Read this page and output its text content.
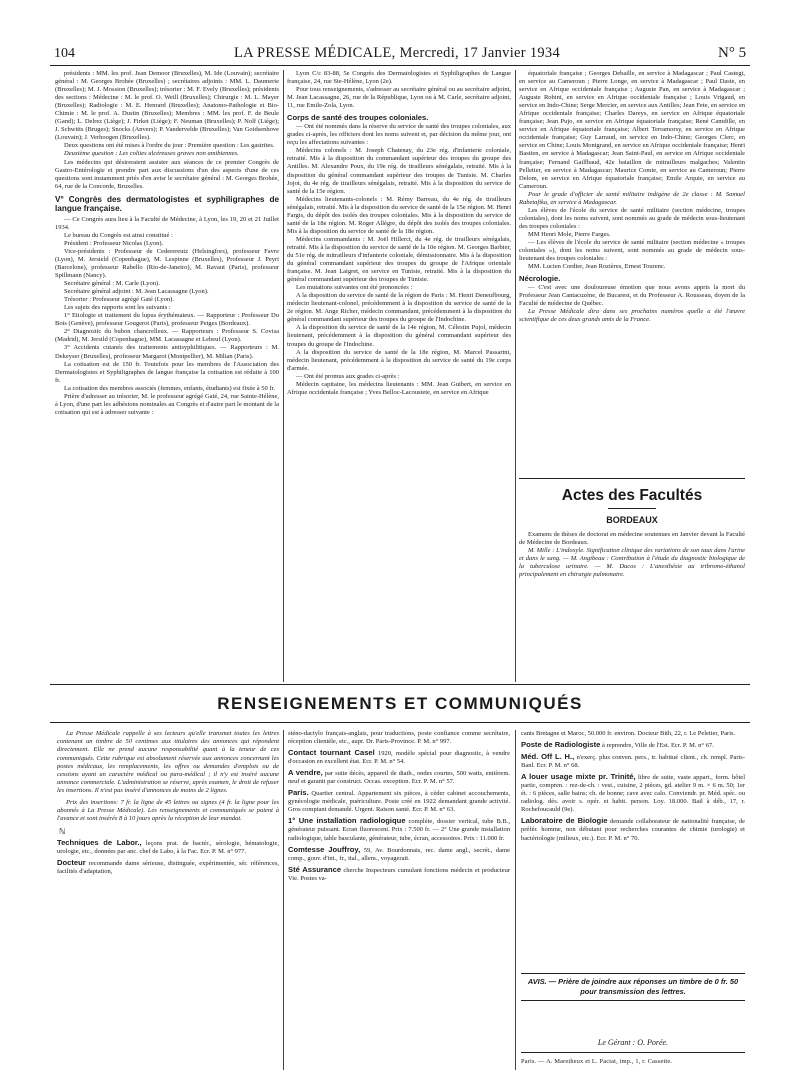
104	LA PRESSE MÉDICALE, Mercredi, 17 Janvier 1934	N° 5

présidents : MM. les prof. Jean Demoor (Bruxelles), M. Ide (Louvain); secrétaire général : M. Georges Brohée (Bruxelles) ; secrétaires adjoints : MM. L. Daumerie (Bruxelles); M. J. Mossion (Bruxelles); trésorier : M. F. Evely (Bruxelles); présidents des sections : Médecine : M. le prof. O. Weill (Bruxelles); Chirurgie : M. L. Mayer (Bruxelles); Radiologie : M. E. Henrard (Bruxelles); Anatomo-Pathologie et Bio-Chimie : M. le prof. A. Dustin (Bruxelles); Membres : MM. les prof. F. de Beule (Gand); L. Delrez (Liège); J. Firket (Liège); F. Neuman (Bruxelles); P. Nolf (Liège); J. Schwitts (Bruges); Snocks (Anvers); P. Vandervelde (Bruxelles); Van Goidsenhove (Louvain); J. Verhoogen (Bruxelles).

Deux questions ont été mises à l'ordre du jour : Première question : Les gastrites.

Deuxième question : Les colites ulcéreuses graves non amibiennes.

Les médecins qui désireraient assister aux séances de ce premier Congrès de Gastro-Entérologie et prendre part aux discussions d'un des aspects d'une de ces questions sont instamment priés d'en avisr le secrétaire général : M. Georges Brohée, 64, rue de la Concorde, Bruxelles.

V° Congrès des dermatologistes et syphiligraphes de langue française.

— Ce Congrès aura lieu à la Faculté de Médecine, à Lyon, les 19, 20 et 21 Juillet 1934.

Le bureau du Congrès est ainsi constitué :

Président : Professeur Nicolas (Lyon).

Vice-présidents : Professeur de Cederereutz (Helsingfors), professeur Favre (Lyon), M. Jersield (Copenhague), M. Lespinne (Bruxelles), Professeur J. Peyri (Barcelone), professeur Rabello (Rio-de-Janeiro), M. Ravaut (Paris), professeur Spillmann (Nancy).

Secrétaire général : M. Carle (Lyon).

Secrétaire général adjoint : M. Jean Lacassagne (Lyon).

Trésorier : Professeur agrégé Gaté (Lyon).

Les sujets des rapports sont les suivants :

1° Etiologie et traitement du lupus érythémateux. — Rapporteur : Professeur Du Bois (Genève), professeur Gougerot (Paris), professeur Petges (Bordeaux).

2° Diagnostic du bubon chancrelleux. — Rapporteurs : Professeur S. Covisa (Madrid), M. Jersild (Copenhague), MM. Lacassagne et Lebeuf (Lyon).

3° Accidents cutanés des traitements antisyphilitiques. — Rapporteurs : M. Dekeyser (Bruxelles), professeur Margarot (Montpellier), M. Milian (Paris).

La cotisation est de 150 fr. Toutefois pour les membres de l'Association des Dermatologistes et Syphiligraphes de langue française la cotisation est réduite à 100 fr.

La cotisation des membres associés (femmes, enfants, étudiants) est fixée à 50 fr.

Prière d'adresser au trésorier, M. le professeur agrégé Gaté, 24, rue Sainte-Hélène, à Lyon, d'une part les adhésions nominales au Congrès et d'autre part le montant de la cotisation qui est à adresser suivante :

Lyon C/c 83-88, 5e Congrès des Dermatologistes et Syphiligraphes de Langue française, 24, rue Ste-Hélène, Lyon (2e).

Pour tous renseignements, s'adresser au secrétaire général ou au secrétaire adjoint, M. Jean Lacassagne, 26, rue de la République, Lyon ou à M. Carle, secrétaire adjoint, 11, rue Emile-Zola, Lyon.

Corps de santé des troupes coloniales.

— Ont été nommés dans la réserve du service de santé des troupes coloniales, aux grades ci-après, les officiers dont les noms suivent et, par décision du même jour, ont reçu les affectations suivantes :

Médecins colonels : M. Joseph Chatenay, du 23e rég. d'infanterie coloniale, retraité. Mis à la disposition du commandant supérieur des troupes du groupe des Antilles. M. Alexandre Poux, du 19e rég. de tirailleurs sénégalais, retraité. Mis à la disposition du général commandant supérieur des troupes de Tunisie. M. Charles Jojot, du 4e rég. de tirailleurs sénégalais, retraité. Mis à la disposition du service de santé de la 15e région.

Médecins lieutenants-colonels : M. Rémy Barreau, du 4e rég. de tirailleurs sénégalais, retraité. Mis à la disposition du service de santé de la 15e région. M. Henri Fargis, du dépôt des isolés des troupes coloniales. Mis à la disposition du service de santé de la 18e région. M. Roger Allègre, du dépôt des isolés des troupes coloniales. Mis à la disposition du service de santé de la 18e région.

Médecins commandants : M. Joël Hillerct, du 4e rég. de tirailleurs sénégalais, retraité. Mis à la disposition du service de santé de la 10e région. M. Georges Barbier, du 51e rég. de mitrailleurs d'infanterie coloniale, démissionnaire. Mis à la disposition du général commandant supérieur des troupes du groupe de l'Afrique orientale française. M. Jean Laigret, en service en Tunisie, retraité. Mis à la disposition du général commandant supérieur des troupes de Tunisie.

Les mutations suivantes ont été prononcées :

A la disposition du service de santé de la région de Paris : M. Henri Deneufbourg, médecin lieutenant-colonel, précédemment à la disposition du service de santé de la 2e région. M. Ange Richer, médecin commandant, précédemment à la disposition du général commandant supérieur des troupes du groupe de l'Indochine.

A la disposition du service de santé de la 14e région, M. Célestin Pujol, médecin lieutenant, précédemment à la disposition du général commandant supérieur des troupes du groupe de l'Indochine.

A la disposition du service de santé de la 18e région, M. Marcel Passarini, médecin lieutenant, précédemment à la disposition du service de santé du 19e corps d'armée.

— Ont été promus aux grades ci-après :

Médecin capitaine, les médecins lieutenants : MM. Jean Guibert, en service en Afrique occidentale française ; Yves Belloc-Lacoustete, en service en Afrique

équatoriale française ; Georges Debaille, en service à Madagascar ; Paul Castegt, en service au Cameroun ; Pierre Longe, en service à Madagascar ; Paul Daste, en service en Afrique occidentale française ; Auguste Pan, en service à Madagascar ; Auguste Robini, en service en Afrique occidentale française ; Louis Vrigaud, en service en Indo-Chine; Serge Mercier, en service aux Antilles; Jean Fete, en service en Afrique occidentale française; Charles Dareys, en service en Afrique équatoriale française; Jean Pujo, en service en Afrique équatoriale française; René Camdille, en service en Afrique équatoriale française; Albert Terramorsy, en service en Afrique occidentale française; Guy Larraud, en service en Indo-Chine; Georges Clerc, en service en Chine; Louis Montgrand, en service en Afrique occidentale française; Henri Bastien, en service à Madagascar; Jean Saint-Paul, en service en Afrique occidentale française; Fernand Gaillbaud, 42e bataillon de mitrailleurs malgaches; Valentin Pelletier, en service à Madagascar; Maurice Comte, en service au Cameroun; Pierre Delom, en service en Afrique équatoriale française; Emile Arquie, en service au Cameroun.

Pour le grade d'officier de santé militaire indigène de 2e classe : M. Samuel Rabetafika, en service à Madagascar.

Les élèves de l'école du service de santé militaire (section médecine, troupes coloniales), dont les noms suivent, sont nommés au grade de médecin sous-lieutenant des troupes coloniales :

MM Henri Mole, Pierre Farges.

— Les élèves de l'école du service de santé militaire (section médecine « troupes coloniales »), dont les noms suivent, sont nommés au grade de médecin sous-lieutenant des troupes coloniales :

MM. Lucien Cordier, Jean Rozières, Ernest Tourenc.

Nécrologie.

— C'est avec une douloureuse émotion que nous avons appris la mort du Professeur Jean Cantacuzène, de Bucarest, et du Professeur A. Rousseau, doyen de la Faculté de médecine de Québec.

La Presse Médicale dira dans ses prochains numéros quelle a été l'œuvre scientifique de ces deux grands amis de la France.

Actes des Facultés
BORDEAUX

Examens de thèses de doctorat en médecine soutenues en Janvier devant la Faculté de Médecine de Bordeaux.

M. Mille : L'indoxyle. Signification clinique des variations de son taux dans l'urine et dans le sang. — M. Angibeau : Contribution à l'étude du diagnostic biologique de la tuberculose urinaire. — M. Ducos : L'anesthésie au tribromo-éthanol principalement en chirurgie pulmonaire.

RENSEIGNEMENTS ET COMMUNIQUÉS

La Presse Médicale rappelle à ses lecteurs qu'elle transmet toutes les lettres contenant un timbre de 50 centimes aux titulaires des annonces qui répondent directement. Elle ne prend aucune responsabilité quant à la teneur de ces communiqués. Cette rubrique est absolument réservée aux annonces concernant les postes médicaux, les remplacements, les offres ou demandes d'emplois ou de cessions ayant un caractère médical ou para-médical ; il n'y est inséré aucune annonce commerciale. L'administration se réserve, après examen, le droit de refuser les insertions. Il n'est pas inséré d'annonces de moins de 2 lignes.

Prix des insertions: 7 fr. la ligne de 45 lettres ou signes (4 fr. la ligne pour les abonnés à La Presse Médicale). Les renseignements et communiqués se paient à l'avance et sont insérés 8 à 10 jours après la réception de leur mandat.

ℕ

Techniques de Labor., leçons prat. de bactér., sérologie, hématologie, urologie, etc., données par anc. chef de Labo, à la Fac. Ecr. P. M. n° 977.

Docteur recommande dame sérieuse, distinguée, expérimentée, sér. références, facilités d'adaptation,

sténo-dactylo français-anglais, pour traductions, poste confiance comme secrétaire, réception clientèle, etc., aupr. Dr. Paris-Province. P. M. n° 997.

Contact tournant Casel 1920, modèle spécial pour diagnostic, à vendre d'occasion en excellent état. Ecr. P. M. n° 54.

A vendre, par suite décès, appareil de diath., ondes courtes, 500 watts, entièrem. neuf et garanti par construct. Occas. exception. Ecr. P. M. n° 57.

Paris. Quartier central. Appartement six pièces, à céder cabinet accouchements, gynécologie médicale, puériculture. Poste créé en 1922 demandant grande activité. Gros comptant demandé. Urgent. Raison santé. Ecr. P. M. n° 63.

1° Une installation radiologique complète, dossier vertical, tube B.B., générateur puissant. Ecran fluorescent. Prix : 7.500 fr. — 2° Une grande installation radiologique, table basculante, générateur, tube, écran, accessoires. Prix : 11.000 fr.

Comtesse Jouffroy, 59, Av. Bourdonnais, rec. dame angl., secrét., dame comp., gouv. d'int., fr., ital., allem., voyagerait.

Sté Assurance cherche Inspecteurs cumulant fonctions médecin et producteur Vie. Postes va-

cants Bretagne et Maroc, 50.000 fr. environ. Docteur Bith, 22, r. Le Peletier, Paris.

Poste de Radiologiste à reprendre, Ville de l'Est. Ecr. P. M. n° 67.

Méd. Off L. H., n'exerç. plus conven. pers., tr. habitué client., ch. rempl. Paris-Banl. Ecr. P. M. n° 68.

A louer usage mixte pr. Trinité, libre de suite, vaste appart., form. hôtel partic, compren. : rez-de-ch. : vest., cuisine, 2 pièces, gd. atelier 9 m. × 6 m. 50; 1er ét. : 6 pièces, salle bains; ch. de bonne; cave avec calo. Conviendr. pr. Méd. spéc. ou radiolog. dés. avoir s. opér. et habit. person. Loy. 18.000. Bail à déb., 17, r. Rochefoucauld (9e).

Laboratoire de Biologie demande collaborateur de nationalité française, de préfér. homme, non débutant pour recherches courantes de chimie (urologie) et bactériologie (milieux, etc.). Ecr. P. M. n° 70.

AVIS. — Prière de joindre aux réponses un timbre de 0 fr. 50 pour transmission des lettres.
Le Gérant : O. Porée.
Paris. — A. Maretheux et L. Pactat, imp., 1, r. Cassette.
